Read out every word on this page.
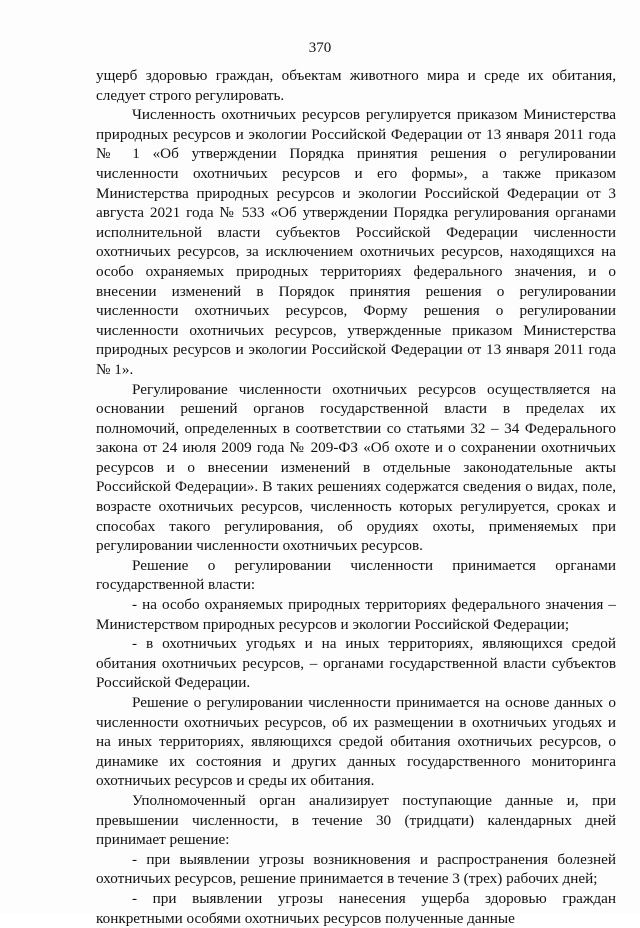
370

ущерб здоровью граждан, объектам животного мира и среде их обитания, следует строго регулировать.

Численность охотничьих ресурсов регулируется приказом Министерства природных ресурсов и экологии Российской Федерации от 13 января 2011 года № 1 «Об утверждении Порядка принятия решения о регулировании численности охотничьих ресурсов и его формы», а также приказом Министерства природных ресурсов и экологии Российской Федерации от 3 августа 2021 года № 533 «Об утверждении Порядка регулирования органами исполнительной власти субъектов Российской Федерации численности охотничьих ресурсов, за исключением охотничьих ресурсов, находящихся на особо охраняемых природных территориях федерального значения, и о внесении изменений в Порядок принятия решения о регулировании численности охотничьих ресурсов, Форму решения о регулировании численности охотничьих ресурсов, утвержденные приказом Министерства природных ресурсов и экологии Российской Федерации от 13 января 2011 года № 1».

Регулирование численности охотничьих ресурсов осуществляется на основании решений органов государственной власти в пределах их полномочий, определенных в соответствии со статьями 32 – 34 Федерального закона от 24 июля 2009 года № 209-ФЗ «Об охоте и о сохранении охотничьих ресурсов и о внесении изменений в отдельные законодательные акты Российской Федерации». В таких решениях содержатся сведения о видах, поле, возрасте охотничьих ресурсов, численность которых регулируется, сроках и способах такого регулирования, об орудиях охоты, применяемых при регулировании численности охотничьих ресурсов.

Решение о регулировании численности принимается органами государственной власти:

- на особо охраняемых природных территориях федерального значения – Министерством природных ресурсов и экологии Российской Федерации;

- в охотничьих угодьях и на иных территориях, являющихся средой обитания охотничьих ресурсов, – органами государственной власти субъектов Российской Федерации.

Решение о регулировании численности принимается на основе данных о численности охотничьих ресурсов, об их размещении в охотничьих угодьях и на иных территориях, являющихся средой обитания охотничьих ресурсов, о динамике их состояния и других данных государственного мониторинга охотничьих ресурсов и среды их обитания.

Уполномоченный орган анализирует поступающие данные и, при превышении численности, в течение 30 (тридцати) календарных дней принимает решение:

- при выявлении угрозы возникновения и распространения болезней охотничьих ресурсов, решение принимается в течение 3 (трех) рабочих дней;

- при выявлении угрозы нанесения ущерба здоровью граждан конкретными особями охотничьих ресурсов полученные данные
